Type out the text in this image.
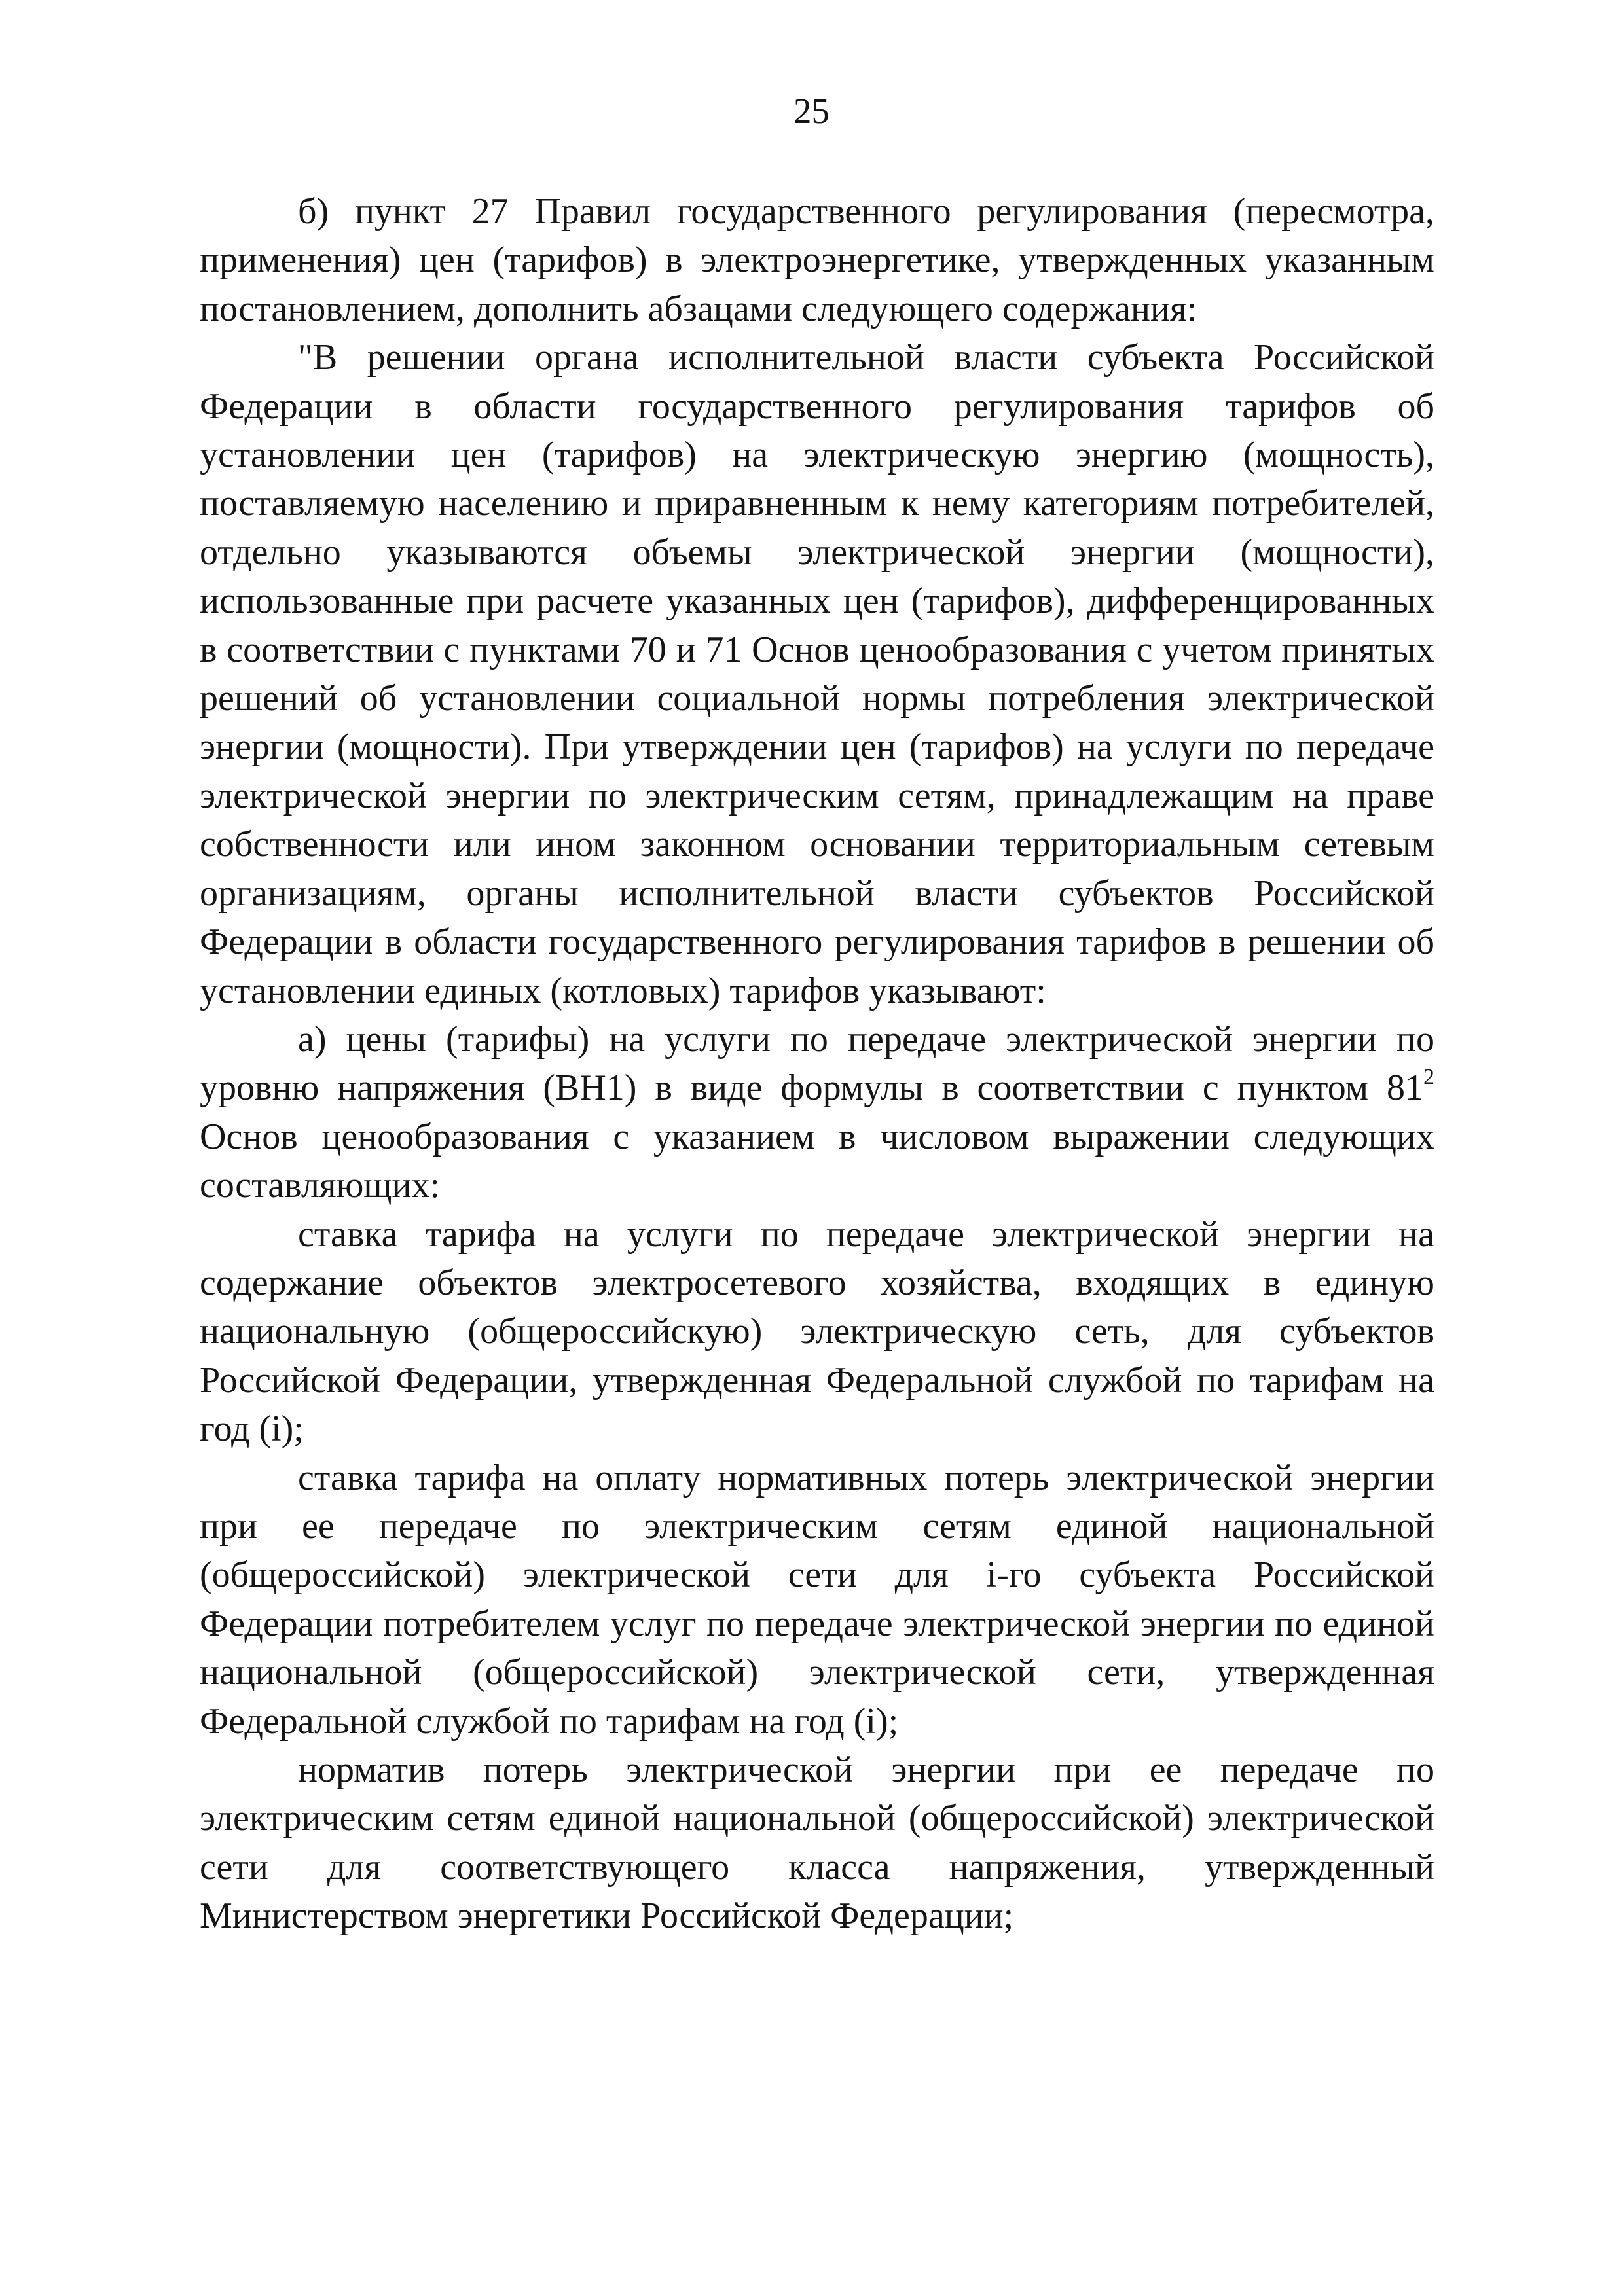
25

б) пункт 27 Правил государственного регулирования (пересмотра, применения) цен (тарифов) в электроэнергетике, утвержденных указанным постановлением, дополнить абзацами следующего содержания:

"В решении органа исполнительной власти субъекта Российской Федерации в области государственного регулирования тарифов об установлении цен (тарифов) на электрическую энергию (мощность), поставляемую населению и приравненным к нему категориям потребителей, отдельно указываются объемы электрической энергии (мощности), использованные при расчете указанных цен (тарифов), дифференцированных в соответствии с пунктами 70 и 71 Основ ценообразования с учетом принятых решений об установлении социальной нормы потребления электрической энергии (мощности). При утверждении цен (тарифов) на услуги по передаче электрической энергии по электрическим сетям, принадлежащим на праве собственности или ином законном основании территориальным сетевым организациям, органы исполнительной власти субъектов Российской Федерации в области государственного регулирования тарифов в решении об установлении единых (котловых) тарифов указывают:

а) цены (тарифы) на услуги по передаче электрической энергии по уровню напряжения (ВН1) в виде формулы в соответствии с пунктом $81^2$ Основ ценообразования с указанием в числовом выражении следующих составляющих:

ставка тарифа на услуги по передаче электрической энергии на содержание объектов электросетевого хозяйства, входящих в единую национальную (общероссийскую) электрическую сеть, для субъектов Российской Федерации, утвержденная Федеральной службой по тарифам на год (i);

ставка тарифа на оплату нормативных потерь электрической энергии при ее передаче по электрическим сетям единой национальной (общероссийской) электрической сети для i-го субъекта Российской Федерации потребителем услуг по передаче электрической энергии по единой национальной (общероссийской) электрической сети, утвержденная Федеральной службой по тарифам на год (i);

норматив потерь электрической энергии при ее передаче по электрическим сетям единой национальной (общероссийской) электрической сети для соответствующего класса напряжения, утвержденный Министерством энергетики Российской Федерации;
